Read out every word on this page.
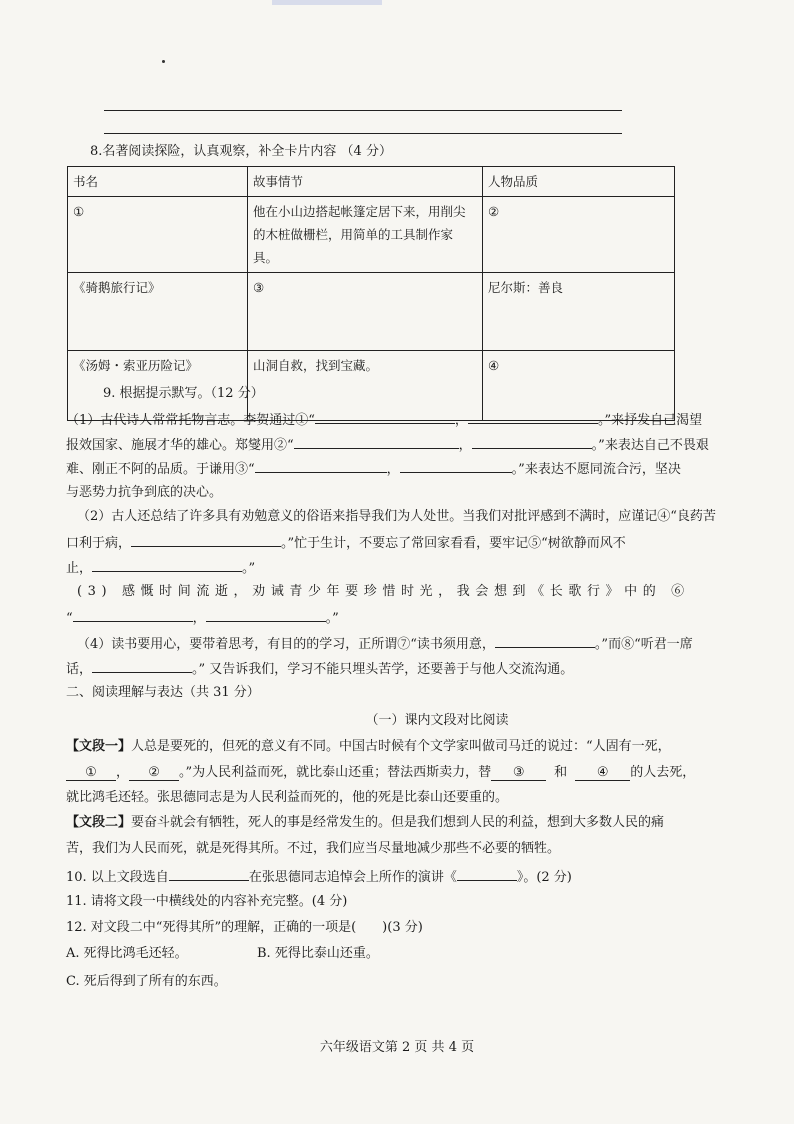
8.名著阅读探险，认真观察，补全卡片内容 （4 分）
书名	故事情节	人物品质
①	他在小山边搭起帐篷定居下来，用削尖的木桩做栅栏，用简单的工具制作家具。	②
《骑鹅旅行记》	③	尼尔斯：善良
《汤姆・索亚历险记》	山洞自救，找到宝藏。	④
9. 根据提示默写。（12 分）
（1）古代诗人常常托物言志。李贺通过①“	，	。”来抒发自己渴望
报效国家、施展才华的雄心。郑燮用②“	，	。”来表达自己不畏艰
难、刚正不阿的品质。于谦用③“	，	。”来表达不愿同流合污，坚决
与恶势力抗争到底的决心。
（2）古人还总结了许多具有劝勉意义的俗语来指导我们为人处世。当我们对批评感到不满时，应谨记④“良药苦
口利于病，	。”忙于生计，不要忘了常回家看看，要牢记⑤“树欲静而风不
止，	。”
(3) 感慨时间流逝，劝诫青少年要珍惜时光，我会想到《长歌行》中的 ⑥
“	，	。”
（4）读书要用心，要带着思考，有目的的学习，正所谓⑦“读书须用意，	。”而⑧“听君一席
话，	。” 又告诉我们，学习不能只埋头苦学，还要善于与他人交流沟通。
二、阅读理解与表达（共 31 分）
（一）课内文段对比阅读
【文段一】人总是要死的，但死的意义有不同。中国古时候有个文学家叫做司马迁的说过：“人固有一死，
① ， ② 。”为人民利益而死，就比泰山还重；替法西斯卖力，替 ③ 和 ④ 的人去死，
就比鸿毛还轻。张思德同志是为人民利益而死的，他的死是比泰山还要重的。
【文段二】要奋斗就会有牺牲，死人的事是经常发生的。但是我们想到人民的利益，想到大多数人民的痛
苦，我们为人民而死，就是死得其所。不过，我们应当尽量地减少那些不必要的牺牲。
10. 以上文段选自	在张思德同志追悼会上所作的演讲《	》。(2 分)
11. 请将文段一中横线处的内容补充完整。(4 分)
12. 对文段二中“死得其所”的理解，正确的一项是(　　)(3 分)
A. 死得比鸿毛还轻。	B. 死得比泰山还重。
C. 死后得到了所有的东西。
六年级语文第 2 页 共 4 页
